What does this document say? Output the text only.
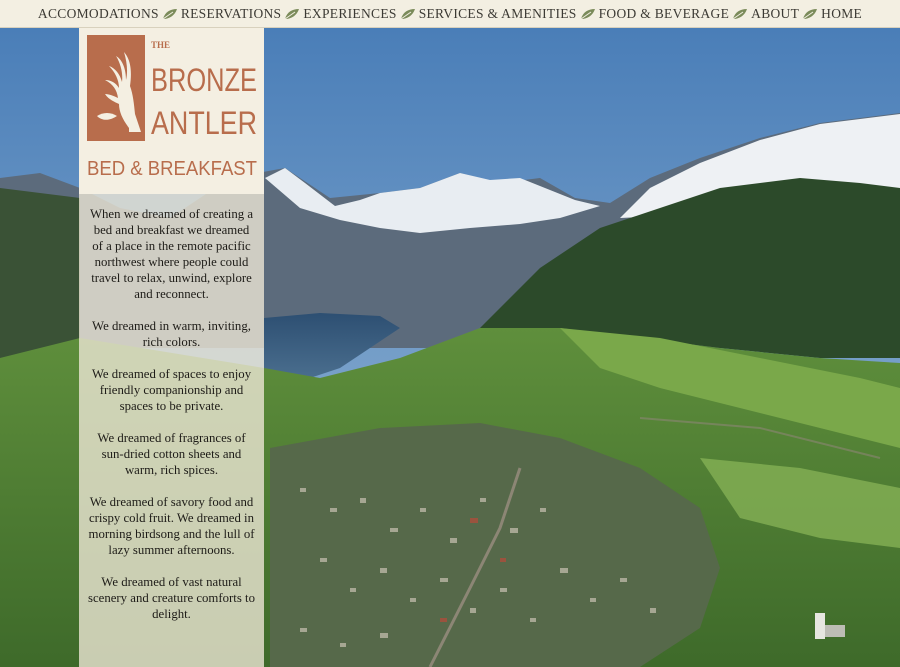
ACCOMODATIONS RESERVATIONS EXPERIENCES SERVICES & AMENITIES FOOD & BEVERAGE ABOUT HOME
THE
BRONZE
ANTLER
BED & BREAKFAST

When we dreamed of creating a bed and breakfast we dreamed of a place in the remote pacific northwest where people could travel to relax, unwind, explore and reconnect.

We dreamed in warm, inviting, rich colors.

We dreamed of spaces to enjoy friendly companionship and spaces to be private.

We dreamed of fragrances of sun-dried cotton sheets and warm, rich spices.

We dreamed of savory food and crispy cold fruit. We dreamed in morning birdsong and the lull of lazy summer afternoons.

We dreamed of vast natural scenery and creature comforts to delight.
